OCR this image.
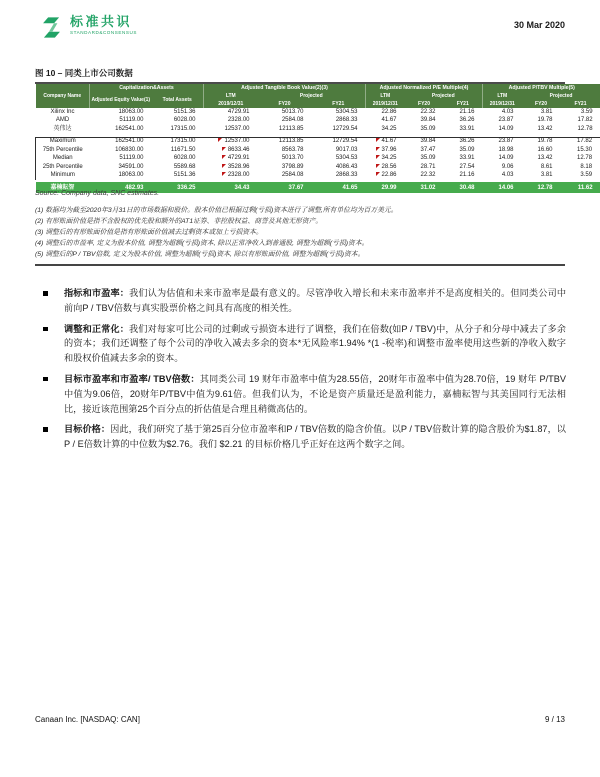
标准共识
STANDARD&CONSENSUS
30 Mar 2020
图 10 – 同类上市公司数据
Company Name	Capitalization&Assets		Adjusted Tangible Book Value(2)(3)			Adjusted Normalized P/E Multiple(4)			Adjusted P/TBV Multiple(5)		
	Adjusted Equity Value(1)	Total Assets	LTM	Projected		LTM	Projected		LTM	Projected	
			2019/12/31	FY20	FY21	2019/12/31	FY20	FY21	2019/12/31	FY20	FY21
Xilinx Inc	18063.00	5151.36	4729.91	5013.70	5304.53	22.86	22.32	21.16	4.03	3.81	3.59
AMD	51119.00	6028.00	2328.00	2584.08	2868.33	41.67	39.84	36.26	23.87	19.78	17.82
英伟达	162541.00	17315.00	12537.00	12113.85	12729.54	34.25	35.09	33.91	14.09	13.42	12.78

Maximum	162541.00	17315.00	12537.00	12113.85	12729.54	41.67	39.84	36.26	23.87	19.78	17.82
75th Percentile	106830.00	11671.50	8633.46	8563.78	9017.03	37.96	37.47	35.09	18.98	16.60	15.30
Median	51119.00	6028.00	4729.91	5013.70	5304.53	34.25	35.09	33.91	14.09	13.42	12.78
25th Percentile	34591.00	5589.68	3528.96	3798.89	4086.43	28.56	28.71	27.54	9.06	8.61	8.18
Minimum	18063.00	5151.36	2328.00	2584.08	2868.33	22.86	22.32	21.16	4.03	3.81	3.59
嘉楠耘智	482.93	336.25	34.43	37.67	41.65	29.99	31.02	30.48	14.06	12.78	11.62
Source: Company data, SNC estimates.
(1) 数据均为截至2020年3月31日的市场数据和股价。股本价值已根据过剩(亏损)资本进行了调整,所有单位均为百万美元。
(2) 有形账面价值是指不含股权的优先股和额外的AT1证券、非控股权益、商誉及其他无形资产。
(3) 调整后的有形账面价值是指有形账面价值减去过剩资本或加上亏损资本。
(4) 调整后的市盈率, 定义为股本价值, 调整为超额(亏损)资本, 除以正常净收入到普通股, 调整为超额(亏损)资本。
(5) 调整后的P / TBV倍数, 定义为股本价值, 调整为超额(亏损)资本, 除以有形账面价值, 调整为超额(亏损)资本。
指标和市盈率：我们认为估值和未来市盈率是最有意义的。尽管净收入增长和未来市盈率并不是高度相关的。但同类公司中前向P / TBV倍数与真实股票价格之间具有高度的相关性。
调整和正常化：我们对每家可比公司的过剩或亏损资本进行了调整，我们在倍数(如P / TBV)中，从分子和分母中减去了多余的资本；我们还调整了每个公司的净收入减去多余的资本*无风险率1.94% *(1 -税率)和调整市盈率使用这些新的净收入数字和股权价值减去多余的资本。
目标市盈率和市盈率/ TBV倍数：其同类公司 19 财年市盈率中值为28.55倍，20财年市盈率中值为28.70倍，19 财年 P/TBV 中值为9.06倍，20财年P/TBV中值为9.61倍。但我们认为，不论是资产质量还是盈利能力，嘉楠耘智与其美国同行无法相比，接近该范围第25个百分点的折估值是合理且稍微高估的。
目标价格：因此，我们研究了基于第25百分位市盈率和P / TBV倍数的隐含价值。以P / TBV倍数计算的隐含股价为$1.87，以P / E倍数计算的中位数为$2.76。我们 $2.21 的目标价格几乎正好在这两个数字之间。
Canaan Inc. [NASDAQ: CAN]	9 / 13
